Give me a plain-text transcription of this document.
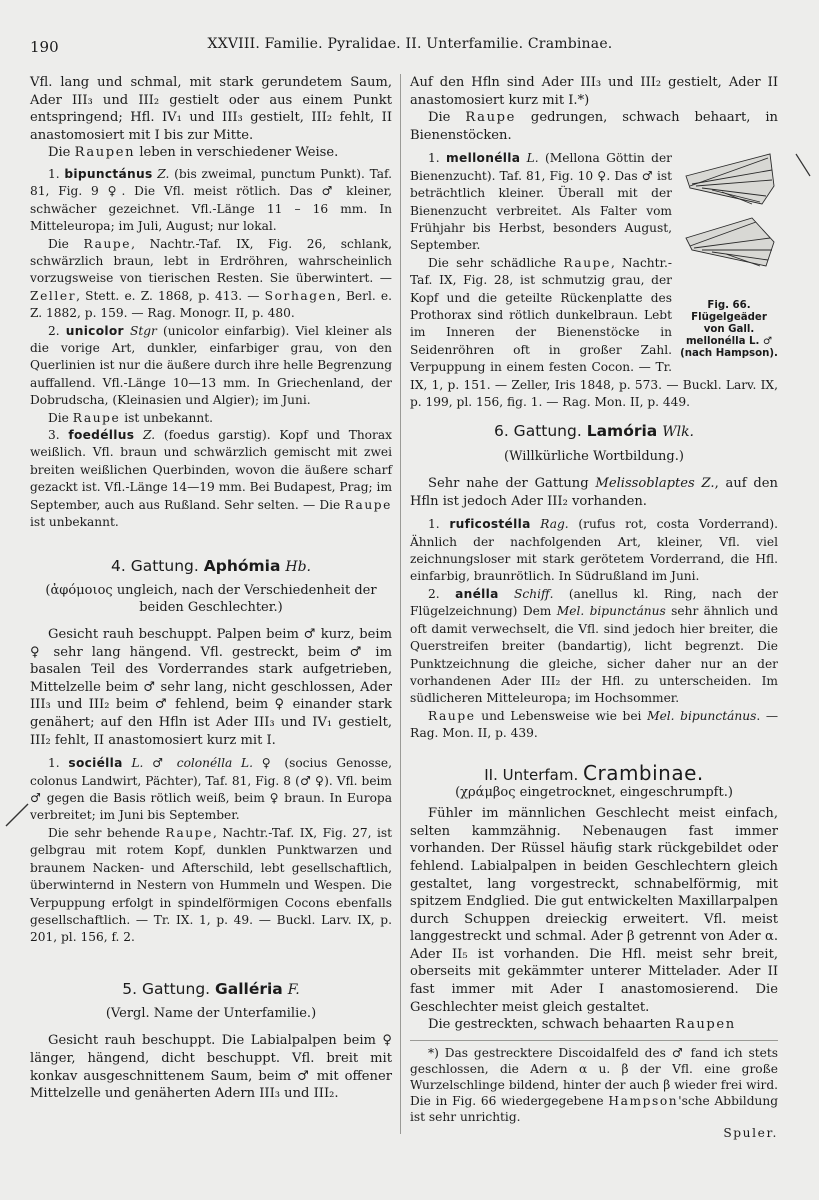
190	XXVIII. Familie. Pyralidae. II. Unterfamilie. Crambinae.

Vfl. lang und schmal, mit stark gerundetem Saum, Ader III₃ und III₂ gestielt oder aus einem Punkt entspringend; Hfl. IV₁ und III₃ gestielt, III₂ fehlt, II anastomosiert mit I bis zur Mitte.

Die Raupen leben in verschiedener Weise.

1. bipunctánus Z. (bis zweimal, punctum Punkt). Taf. 81, Fig. 9 ♀. Die Vfl. meist rötlich. Das ♂ kleiner, schwächer gezeichnet. Vfl.-Länge 11 – 16 mm. In Mitteleuropa; im Juli, August; nur lokal.

Die Raupe, Nachtr.-Taf. IX, Fig. 26, schlank, schwärzlich braun, lebt in Erdröhren, wahrscheinlich vorzugsweise von tierischen Resten. Sie überwintert. — Zeller, Stett. e. Z. 1868, p. 413. — Sorhagen, Berl. e. Z. 1882, p. 159. — Rag. Monogr. II, p. 480.

2. unicolor Stgr (unicolor einfarbig). Viel kleiner als die vorige Art, dunkler, einfarbiger grau, von den Querlinien ist nur die äußere durch ihre helle Begrenzung auffallend. Vfl.-Länge 10—13 mm. In Griechenland, der Dobrudscha, (Kleinasien und Algier); im Juni.

Die Raupe ist unbekannt.

3. foedéllus Z. (foedus garstig). Kopf und Thorax weißlich. Vfl. braun und schwärzlich gemischt mit zwei breiten weißlichen Querbinden, wovon die äußere scharf gezackt ist. Vfl.-Länge 14—19 mm. Bei Budapest, Prag; im September, auch aus Rußland. Sehr selten. — Die Raupe ist unbekannt.

4. Gattung. Aphómia Hb.
(ἀφόμοιος ungleich, nach der Verschiedenheit der beiden Geschlechter.)

Gesicht rauh beschuppt. Palpen beim ♂ kurz, beim ♀ sehr lang hängend. Vfl. gestreckt, beim ♂ im basalen Teil des Vorderrandes stark aufgetrieben, Mittelzelle beim ♂ sehr lang, nicht geschlossen, Ader III₃ und III₂ beim ♂ fehlend, beim ♀ einander stark genähert; auf den Hfln ist Ader III₃ und IV₁ gestielt, III₂ fehlt, II anastomosiert kurz mit I.

1. sociélla L. ♂ colonélla L. ♀ (socius Genosse, colonus Landwirt, Pächter), Taf. 81, Fig. 8 (♂ ♀). Vfl. beim ♂ gegen die Basis rötlich weiß, beim ♀ braun. In Europa verbreitet; im Juni bis September.

Die sehr behende Raupe, Nachtr.-Taf. IX, Fig. 27, ist gelbgrau mit rotem Kopf, dunklen Punktwarzen und braunem Nacken- und Afterschild, lebt gesellschaftlich, überwinternd in Nestern von Hummeln und Wespen. Die Verpuppung erfolgt in spindelförmigen Cocons ebenfalls gesellschaftlich. — Tr. IX. 1, p. 49. — Buckl. Larv. IX, p. 201, pl. 156, f. 2.

5. Gattung. Galléria F.
(Vergl. Name der Unterfamilie.)

Gesicht rauh beschuppt. Die Labialpalpen beim ♀ länger, hängend, dicht beschuppt. Vfl. breit mit konkav ausgeschnittenem Saum, beim ♂ mit offener Mittelzelle und genäherten Adern III₃ und III₂.

Auf den Hfln sind Ader III₃ und III₂ gestielt, Ader II anastomosiert kurz mit I.*)

Die Raupe gedrungen, schwach behaart, in Bienenstöcken.

Fig. 66. Flügelgeäder von Gall. mellonélla L. ♂ (nach Hampson).

1. mellonélla L. (Mellona Göttin der Bienenzucht). Taf. 81, Fig. 10 ♀. Das ♂ ist beträchtlich kleiner. Überall mit der Bienenzucht verbreitet. Als Falter vom Frühjahr bis Herbst, besonders August, September.

Die sehr schädliche Raupe, Nachtr.-Taf. IX, Fig. 28, ist schmutzig grau, der Kopf und die geteilte Rückenplatte des Prothorax sind rötlich dunkelbraun. Lebt im Inneren der Bienenstöcke in Seidenröhren oft in großer Zahl. Verpuppung in einem festen Cocon. — Tr. IX, 1, p. 151. — Zeller, Iris 1848, p. 573. — Buckl. Larv. IX, p. 199, pl. 156, fig. 1. — Rag. Mon. II, p. 449.

6. Gattung. Lamória Wlk.
(Willkürliche Wortbildung.)

Sehr nahe der Gattung Melissoblaptes Z., auf den Hfln ist jedoch Ader III₂ vorhanden.

1. ruficostélla Rag. (rufus rot, costa Vorderrand). Ähnlich der nachfolgenden Art, kleiner, Vfl. viel zeichnungsloser mit stark gerötetem Vorderrand, die Hfl. einfarbig, braunrötlich. In Südrußland im Juni.

2. anélla Schiff. (anellus kl. Ring, nach der Flügelzeichnung) Dem Mel. bipunctánus sehr ähnlich und oft damit verwechselt, die Vfl. sind jedoch hier breiter, die Querstreifen breiter (bandartig), licht begrenzt. Die Punktzeichnung die gleiche, sicher daher nur an der vorhandenen Ader III₂ der Hfl. zu unterscheiden. Im südlicheren Mitteleuropa; im Hochsommer.

Raupe und Lebensweise wie bei Mel. bipunctánus. — Rag. Mon. II, p. 439.

II. Unterfam. Crambinae.
(χράμβος eingetrocknet, eingeschrumpft.)

Fühler im männlichen Geschlecht meist einfach, selten kammzähnig. Nebenaugen fast immer vorhanden. Der Rüssel häufig stark rückgebildet oder fehlend. Labialpalpen in beiden Geschlechtern gleich gestaltet, lang vorgestreckt, schnabelförmig, mit spitzem Endglied. Die gut entwickelten Maxillarpalpen durch Schuppen dreieckig erweitert. Vfl. meist langgestreckt und schmal. Ader β getrennt von Ader α. Ader II₅ ist vorhanden. Die Hfl. meist sehr breit, oberseits mit gekämmter unterer Mittelader. Ader II fast immer mit Ader I anastomosierend. Die Geschlechter meist gleich gestaltet.

Die gestreckten, schwach behaarten Raupen

*) Das gestrecktere Discoidalfeld des ♂ fand ich stets geschlossen, die Adern α u. β der Vfl. eine große Wurzelschlinge bildend, hinter der auch β wieder frei wird. Die in Fig. 66 wiedergegebene Hampson'sche Abbildung ist sehr unrichtig.

Spuler.
